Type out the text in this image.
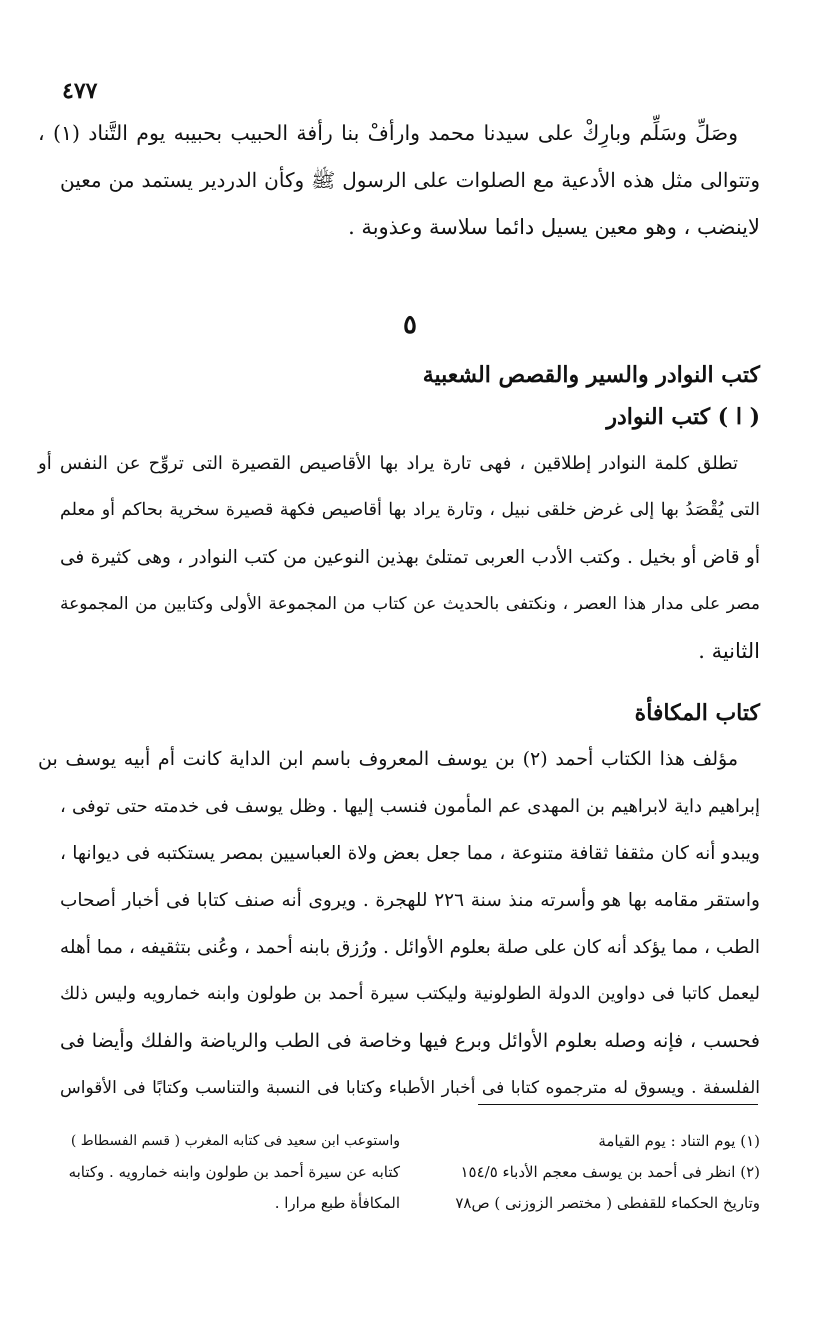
٤٧٧
وصَلِّ وسَلِّم وبارِكْ على سيدنا محمد وارأفْ بنا رأفة الحبيب بحبيبه يوم التَّناد (١) ،
وتتوالى مثل هذه الأدعية مع الصلوات على الرسول ﷺ وكأن الدردير يستمد من معين
لاينضب ، وهو معين يسيل دائما سلاسة وعذوبة .
٥
كتب النوادر والسير والقصص الشعبية
( ا ) كتب النوادر
تطلق كلمة النوادر إطلاقين ، فهى تارة يراد بها الأقاصيص القصيرة التى تروِّح عن النفس أو
التى يُقْصَدُ بها إلى غرض خلقى نبيل ، وتارة يراد بها أقاصيص فكهة قصيرة سخرية بحاكم أو معلم
أو قاض أو بخيل . وكتب الأدب العربى تمتلئ بهذين النوعين من كتب النوادر ، وهى كثيرة فى
مصر على مدار هذا العصر ، ونكتفى بالحديث عن كتاب من المجموعة الأولى وكتابين من المجموعة
الثانية .
كتاب المكافأة
مؤلف هذا الكتاب أحمد (٢) بن يوسف المعروف باسم ابن الداية كانت أم أبيه يوسف بن
إبراهيم داية لابراهيم بن المهدى عم المأمون فنسب إليها . وظل يوسف فى خدمته حتى توفى ،
ويبدو أنه كان مثقفا ثقافة متنوعة ، مما جعل بعض ولاة العباسيين بمصر يستكتبه فى ديوانها ،
واستقر مقامه بها هو وأسرته منذ سنة ٢٢٦ للهجرة . ويروى أنه صنف كتابا فى أخبار أصحاب
الطب ، مما يؤكد أنه كان على صلة بعلوم الأوائل . ورُزق بابنه أحمد ، وعُنى بتثقيفه ، مما أهله
ليعمل كاتبا فى دواوين الدولة الطولونية وليكتب سيرة أحمد بن طولون وابنه خمارويه وليس ذلك
فحسب ، فإنه وصله بعلوم الأوائل وبرع فيها وخاصة فى الطب والرياضة والفلك وأيضا فى
الفلسفة . ويسوق له مترجموه كتابا فى أخبار الأطباء وكتابا فى النسبة والتناسب وكتابًا فى الأقواس
(١) يوم التناد : يوم القيامة
(٢) انظر فى أحمد بن يوسف معجم الأدباء ١٥٤/٥
وتاريخ الحكماء للقفطى ( مختصر الزوزنى ) ص٧٨
واستوعب ابن سعيد فى كتابه المغرب ( قسم الفسطاط )
كتابه عن سيرة أحمد بن طولون وابنه خمارويه . وكتابه
المكافأة طبع مرارا .
